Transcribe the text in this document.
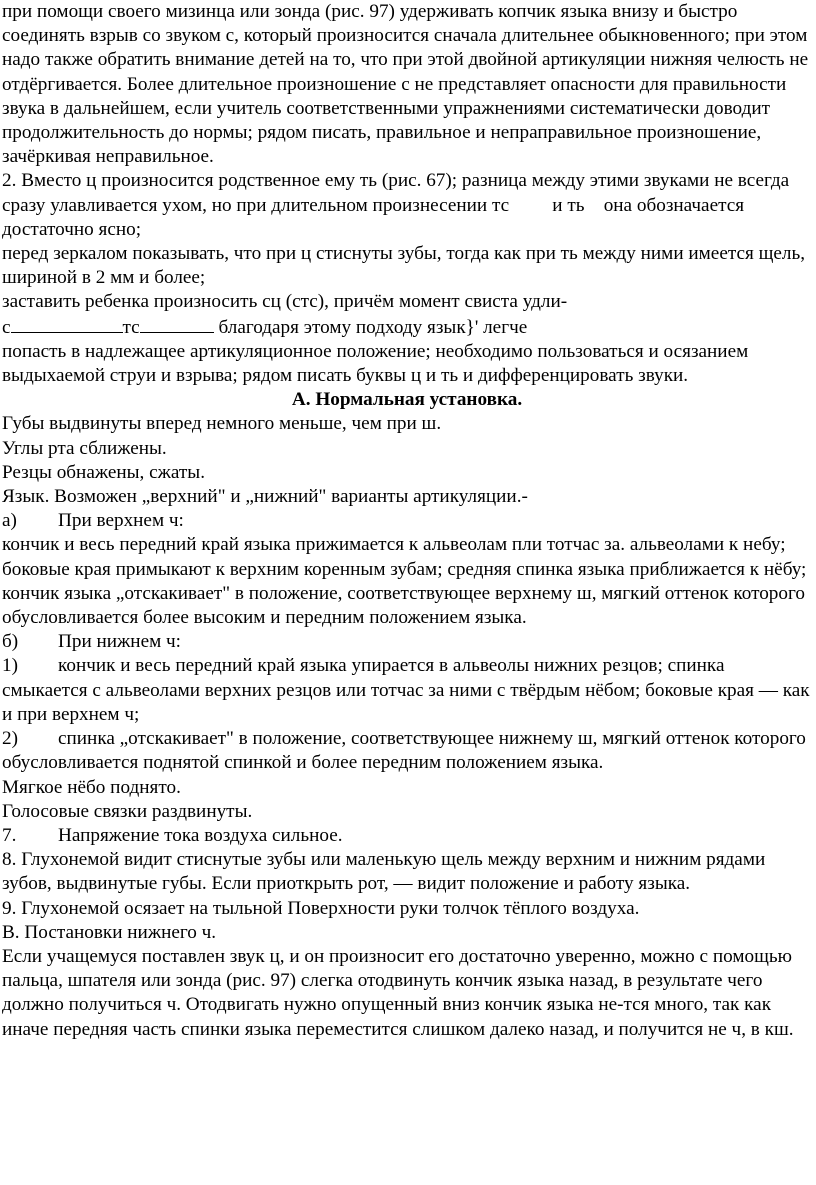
при помощи своего мизинца или зонда (рис. 97) удерживать копчик языка внизу и быстро соединять взрыв со звуком с, который произносится сначала длительнее обыкновенного; при этом надо также обратить внимание детей на то, что при этой двойной артикуляции нижняя челюсть не отдёргивается. Более длительное произношение с не представляет опасности для правильности звука в дальнейшем, если учитель соответственными упражнениями систематически доводит продолжительность до нормы; рядом писать, правильное и непраправильное произношение, зачёркивая неправильное.

2. Вместо ц произносится родственное ему ть (рис. 67); разница между этими звуками не всегда сразу улавливается ухом, но при длительном произнесении тс         и ть    она обозначается достаточно ясно;

перед зеркалом показывать, что при ц стиснуты зубы, тогда как при ть между ними имеется щель, шириной в 2 мм и более;

заставить ребенка произносить сц (стс), причём момент свиста удли-

с	тс	благодаря этому подходу язык}' легче

попасть в надлежащее артикуляционное положение; необходимо пользоваться и осязанием выдыхаемой струи и взрыва; рядом писать буквы ц и ть и дифференцировать звуки.

А. Нормальная установка.

Губы выдвинуты вперед немного меньше, чем при ш.

Углы рта сближены.

Резцы обнажены, сжаты.

Язык. Возможен „верхний" и „нижний" варианты артикуляции.-

а) При верхнем ч:

кончик и весь передний край языка прижимается к альвеолам пли тотчас за. альвеолами к небу; боковые края примыкают к верхним коренным зубам; средняя спинка языка приближается к нёбу;

кончик языка „отскакивает" в положение, соответствующее верхнему ш, мягкий оттенок которого обусловливается более высоким и передним положением языка.

б) При нижнем ч:

1) кончик и весь передний край языка упирается в альвеолы нижних резцов; спинка смыкается с альвеолами верхних резцов или тотчас за ними с твёрдым нёбом; боковые края — как и при верхнем ч;

2) спинка „отскакивает" в положение, соответствующее нижнему ш, мягкий оттенок которого обусловливается поднятой спинкой и более передним положением языка.

Мягкое нёбо поднято.

Голосовые связки раздвинуты.

7. Напряжение тока воздуха сильное.

8. Глухонемой видит стиснутые зубы или маленькую щель между верхним и нижним рядами зубов, выдвинутые губы. Если приоткрыть рот, — видит положение и работу языка.

9. Глухонемой осязает на тыльной Поверхности руки толчок тёплого воздуха.

В. Постановки нижнего ч.

Если учащемуся поставлен звук ц, и он произносит его достаточно уверенно, можно с помощью пальца, шпателя или зонда (рис. 97) слегка отодвинуть кончик языка назад, в результате чего должно получиться ч. Отодвигать нужно опущенный вниз кончик языка не-тся много, так как иначе передняя часть спинки языка переместится слишком далеко назад, и получится не ч, в кш.
